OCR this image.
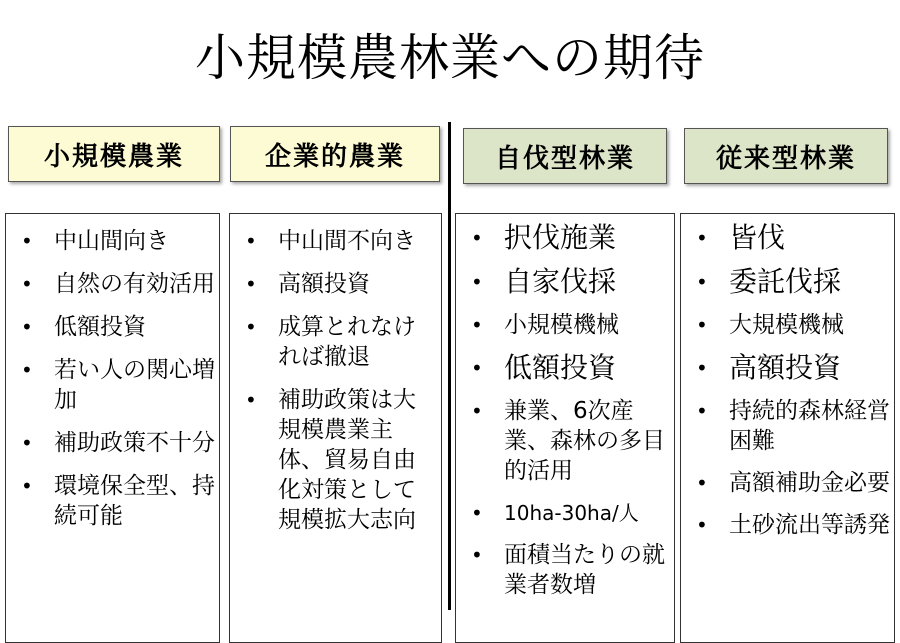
小規模農林業への期待
小規模農業	企業的農業	自伐型林業	従来型林業
• 中山間向き
• 自然の有効活用
• 低額投資
• 若い人の関心増加
• 補助政策不十分
• 環境保全型、持続可能
• 中山間不向き
• 高額投資
• 成算とれなければ撤退
• 補助政策は大規模農業主体、貿易自由化対策として規模拡大志向
• 択伐施業
• 自家伐採
• 小規模機械
• 低額投資
• 兼業、6次産業、森林の多目的活用
• 10ha-30ha/人
• 面積当たりの就業者数増
• 皆伐
• 委託伐採
• 大規模機械
• 高額投資
• 持続的森林経営困難
• 高額補助金必要
• 土砂流出等誘発
